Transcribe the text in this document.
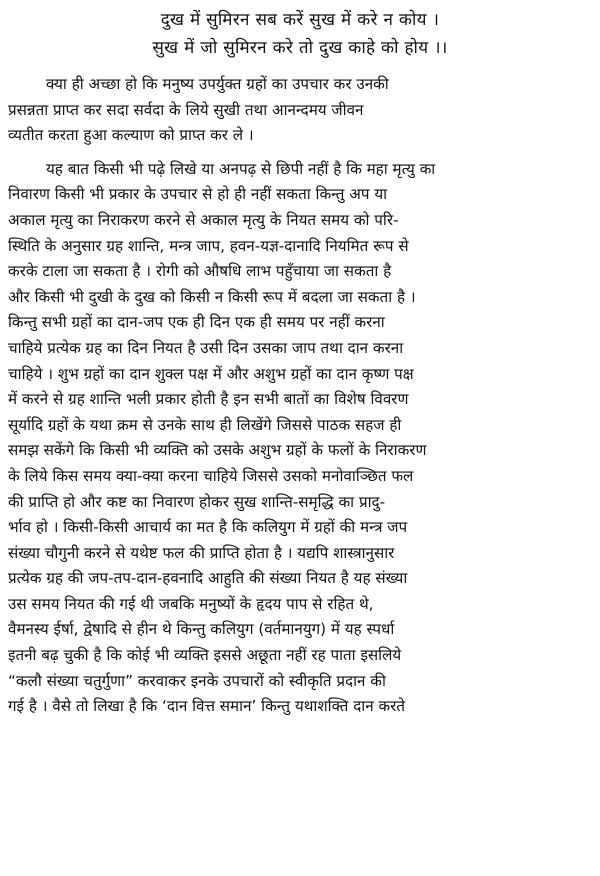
दुख में सुमिरन सब करें सुख में करे न कोय ।
सुख में जो सुमिरन करे तो दुख काहे को होय ।।
क्या ही अच्छा हो कि मनुष्य उपर्युक्त ग्रहों का उपचार कर उनकी
प्रसन्नता प्राप्त कर सदा सर्वदा के लिये सुखी तथा आनन्दमय जीवन
व्यतीत करता हुआ कल्याण को प्राप्त कर ले ।
यह बात किसी भी पढ़े लिखे या अनपढ़ से छिपी नहीं है कि महा मृत्यु का
निवारण किसी भी प्रकार के उपचार से हो ही नहीं सकता किन्तु अप या
अकाल मृत्यु का निराकरण करने से अकाल मृत्यु के नियत समय को परि-
स्थिति के अनुसार ग्रह शान्ति, मन्त्र जाप, हवन-यज्ञ-दानादि नियमित रूप से
करके टाला जा सकता है । रोगी को औषधि लाभ पहुँचाया जा सकता है
और किसी भी दुखी के दुख को किसी न किसी रूप में बदला जा सकता है ।
किन्तु सभी ग्रहों का दान-जप एक ही दिन एक ही समय पर नहीं करना
चाहिये प्रत्येक ग्रह का दिन नियत है उसी दिन उसका जाप तथा दान करना
चाहिये । शुभ ग्रहों का दान शुक्ल पक्ष में और अशुभ ग्रहों का दान कृष्ण पक्ष
में करने से ग्रह शान्ति भली प्रकार होती है इन सभी बातों का विशेष विवरण
सूर्यादि ग्रहों के यथा क्रम से उनके साथ ही लिखेंगे जिससे पाठक सहज ही
समझ सकेंगे कि किसी भी व्यक्ति को उसके अशुभ ग्रहों के फलों के निराकरण
के लिये किस समय क्या-क्या करना चाहिये जिससे उसको मनोवाञ्छित फल
की प्राप्ति हो और कष्ट का निवारण होकर सुख शान्ति-समृद्धि का प्रादु-
र्भाव हो । किसी-किसी आचार्य का मत है कि कलियुग में ग्रहों की मन्त्र जप
संख्या चौगुनी करने से यथेष्ट फल की प्राप्ति होता है । यद्यपि शास्त्रानुसार
प्रत्येक ग्रह की जप-तप-दान-हवनादि आहुति की संख्या नियत है यह संख्या
उस समय नियत की गई थी जबकि मनुष्यों के हृदय पाप से रहित थे,
वैमनस्य ईर्षा, द्वेषादि से हीन थे किन्तु कलियुग (वर्तमानयुग) में यह स्पर्धा
इतनी बढ़ चुकी है कि कोई भी व्यक्ति इससे अछूता नहीं रह पाता इसलिये
“कलौ संख्या चतुर्गुणा” करवाकर इनके उपचारों को स्वीकृति प्रदान की
गई है । वैसे तो लिखा है कि ‘दान वित्त समान’ किन्तु यथाशक्ति दान करते
